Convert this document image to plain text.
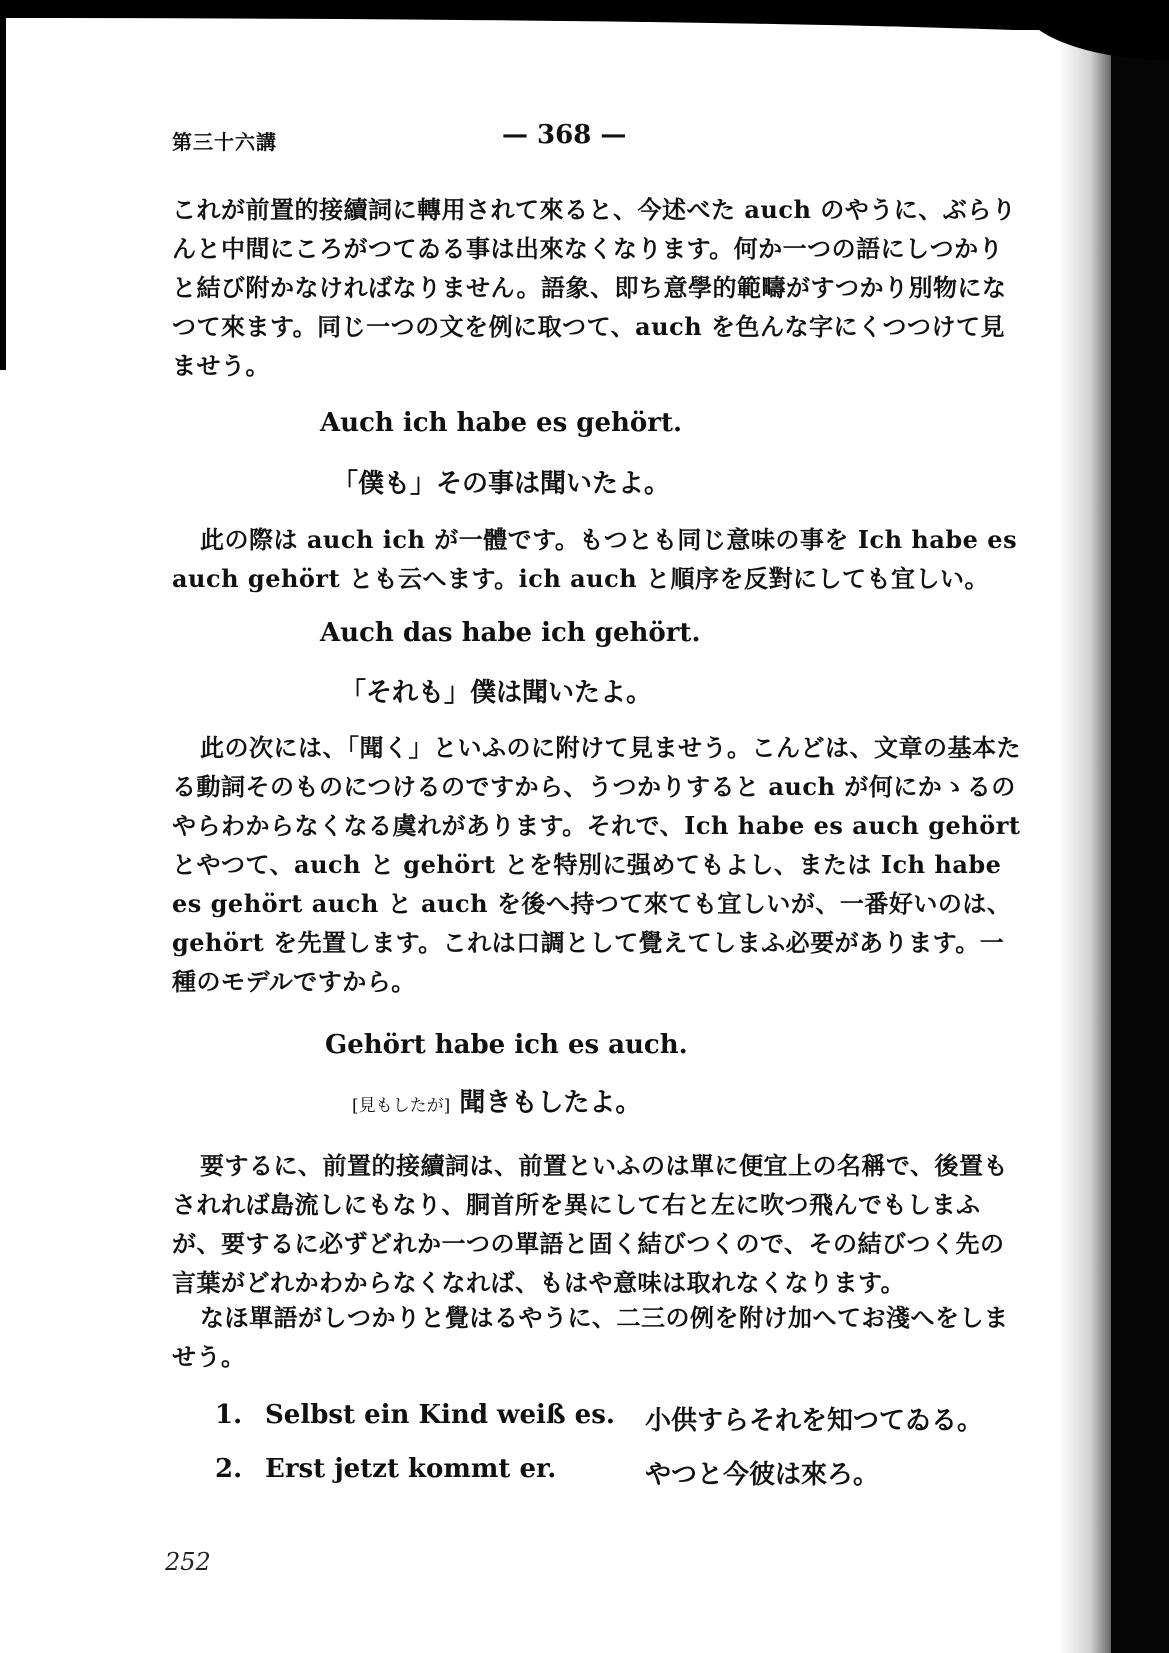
第三十六講	— 368 —

これが前置的接續詞に轉用されて來ると、今述べた auch のやうに、ぶらりんと中間にころがつてゐる事は出來なくなります。何か一つの語にしつかりと結び附かなければなりません。語象、即ち意學的範疇がすつかり別物になつて來ます。同じ一つの文を例に取つて、auch を色んな字にくつつけて見ませう。

Auch ich habe es gehört.

「僕も」その事は聞いたよ。

此の際は auch ich が一體です。もつとも同じ意味の事を Ich habe es auch gehört とも云へます。ich auch と順序を反對にしても宜しい。

Auch das habe ich gehört.

「それも」僕は聞いたよ。

此の次には、「聞く」といふのに附けて見ませう。こんどは、文章の基本たる動詞そのものにつけるのですから、うつかりすると auch が何にかゝるのやらわからなくなる虞れがあります。それで、Ich habe es auch gehört とやつて、auch と gehört とを特別に强めてもよし、または Ich habe es gehört auch と auch を後へ持つて來ても宜しいが、一番好いのは、gehört を先置します。これは口調として覺えてしまふ必要があります。一種のモデルですから。

Gehört habe ich es auch.

[見もしたが] 聞きもしたよ。

要するに、前置的接續詞は、前置といふのは單に便宜上の名稱で、後置もされれば島流しにもなり、胴首所を異にして右と左に吹つ飛んでもしまふが、要するに必ずどれか一つの單語と固く結びつくので、その結びつく先の言葉がどれかわからなくなれば、もはや意味は取れなくなります。

なほ單語がしつかりと覺はるやうに、二三の例を附け加へてお淺へをしませう。

1. Selbst ein Kind weiß es. 小供すらそれを知つてゐる。
2. Erst jetzt kommt er.	やつと今彼は來ろ。
252
